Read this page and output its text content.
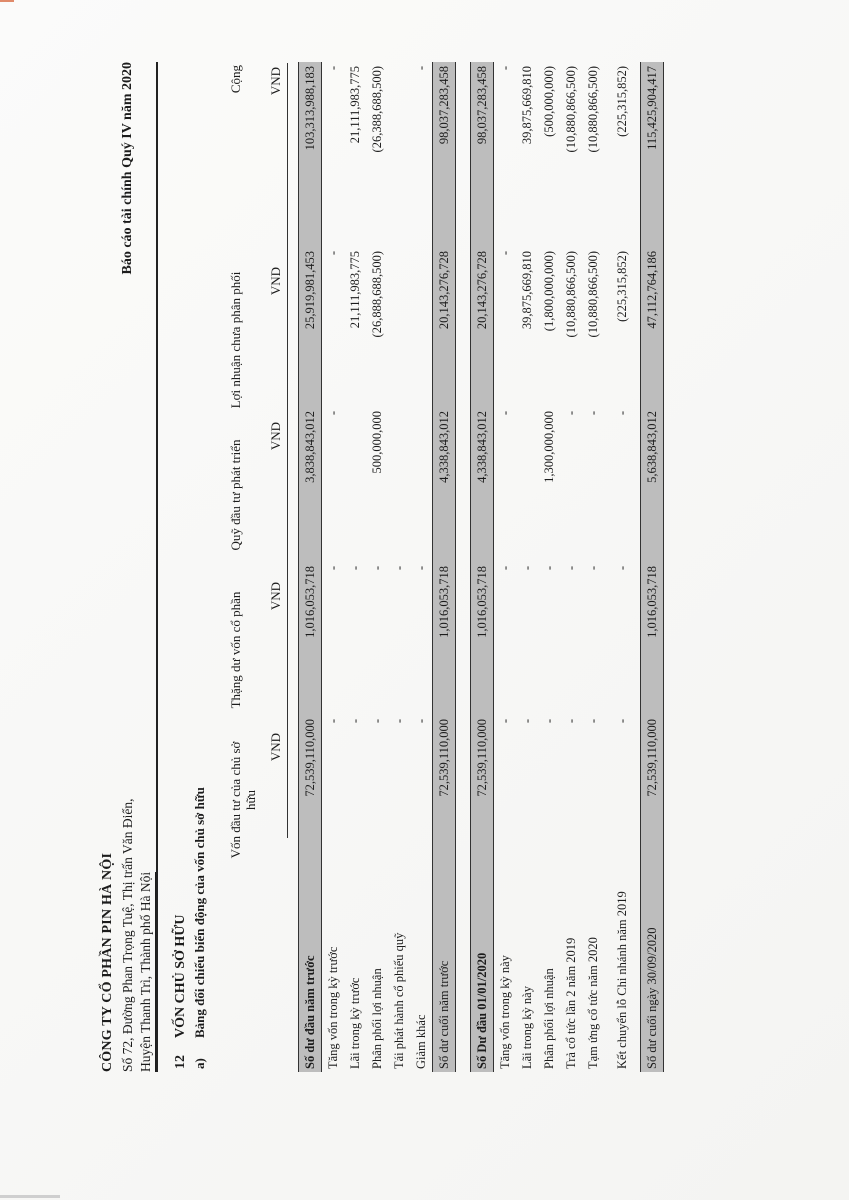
CÔNG TY CỔ PHẦN PIN HÀ NỘI Số 72, Đường Phan Trọng Tuệ, Thị trấn Văn Điển, Huyện Thanh Trì, Thành phố Hà Nội
Báo cáo tài chính Quý IV năm 2020
12
VỐN CHỦ SỞ HỮU
a)
Bảng đối chiếu biến động của vốn chủ sở hữu Vốn đầu tư của chủ sở hữu
Thặng dư vốn cổ phần
Quỹ đầu tư phát triển
Lợi nhuận chưa phân phối
Cộng
VND
VND
VND
VND
VND
Số dư đầu năm trước	72,539,110,000	1,016,053,718	3,838,843,012	25,919,981,453	103,313,988,183
Tăng vốn trong kỳ trước	-	-	-	-	-
Lãi trong kỳ trước	-	-		21,111,983,775	21,111,983,775
Phân phối lợi nhuận	-	-	500,000,000	(26,888,688,500)	(26,388,688,500)
Tái phát hành cổ phiếu quỹ	-	-			
Giảm khác	-	-			-
Số dư cuối năm trước	72,539,110,000	1,016,053,718	4,338,843,012	20,143,276,728	98,037,283,458

Số Dư đầu 01/01/2020	72,539,110,000	1,016,053,718	4,338,843,012	20,143,276,728	98,037,283,458
Tăng vốn trong kỳ này	-	-	-	-	-
Lãi trong kỳ này	-	-		39,875,669,810	39,875,669,810
Phân phối lợi nhuận	-	-	1,300,000,000	(1,800,000,000)	(500,000,000)
Trả cổ tức lần 2 năm 2019	-	-	-	(10,880,866,500)	(10,880,866,500)
Tạm ứng cổ tức năm 2020	-	-	-	(10,880,866,500)	(10,880,866,500)
Kết chuyển lỗ Chi nhánh năm 2019	-	-	-	(225,315,852)	(225,315,852)
Số dư cuối ngày 30/09/2020	72,539,110,000	1,016,053,718	5,638,843,012	47,112,764,186	115,425,904,417
